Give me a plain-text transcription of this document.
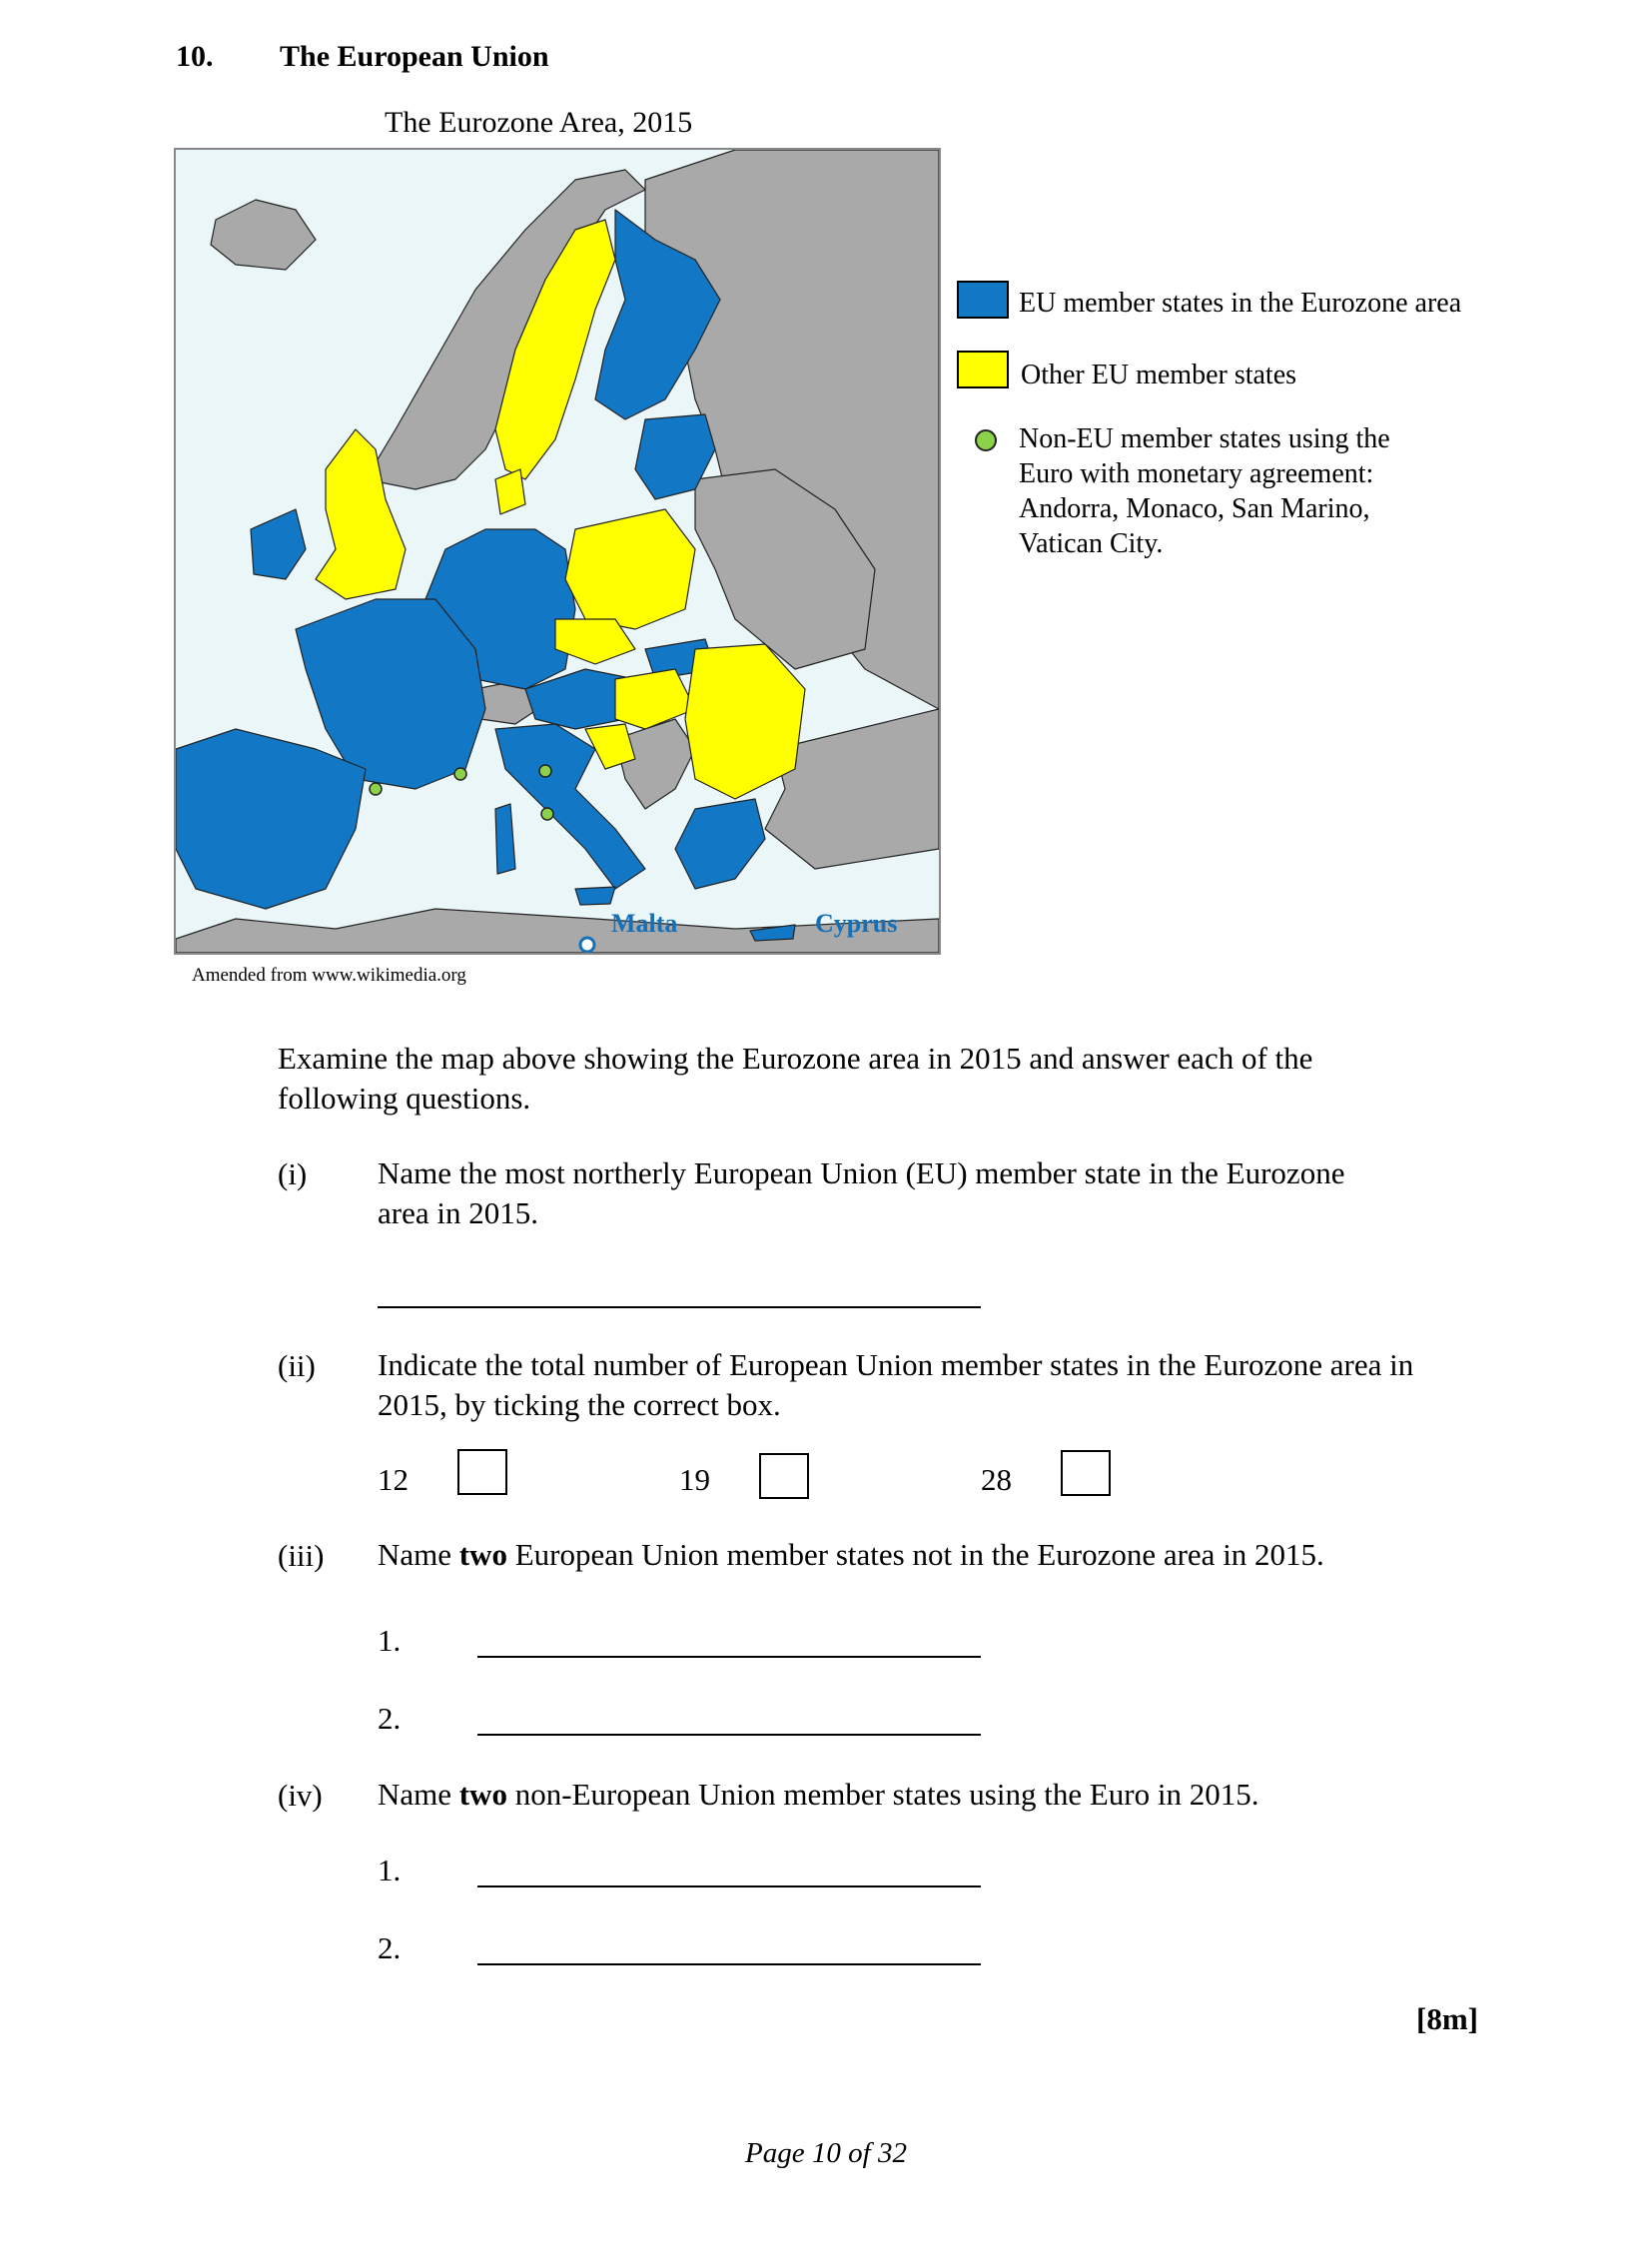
10. The European Union
The Eurozone Area, 2015
Malta	Cyprus
Amended from www.wikimedia.org
EU member states in the Eurozone area
Other EU member states
Non-EU member states using the
Euro with monetary agreement:
Andorra, Monaco, San Marino,
Vatican City.
Examine the map above showing the Eurozone area in 2015 and answer each of the
following questions.
(i) Name the most northerly European Union (EU) member state in the Eurozone
area in 2015.
(ii) Indicate the total number of European Union member states in the Eurozone area in
2015, by ticking the correct box.
12	19	28
(iii) Name two European Union member states not in the Eurozone area in 2015.
1.
2.
(iv) Name two non-European Union member states using the Euro in 2015.
1.
2.
[8m]
Page 10 of 32
